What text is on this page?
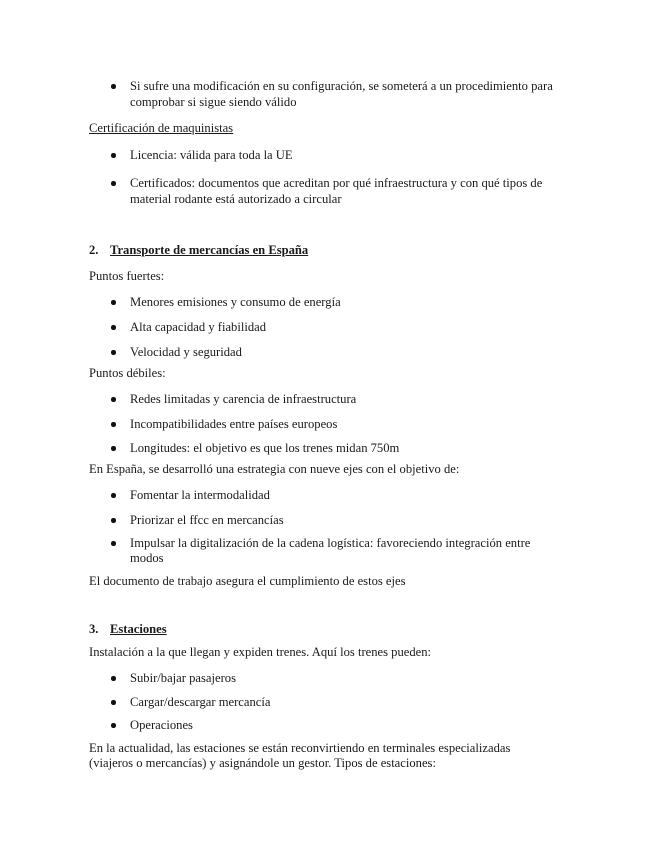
Si sufre una modificación en su configuración, se someterá a un procedimiento para
comprobar si sigue siendo válido
Certificación de maquinistas
Licencia: válida para toda la UE
Certificados: documentos que acreditan por qué infraestructura y con qué tipos de
material rodante está autorizado a circular
2. Transporte de mercancías en España
Puntos fuertes:
Menores emisiones y consumo de energía
Alta capacidad y fiabilidad
Velocidad y seguridad
Puntos débiles:
Redes limitadas y carencia de infraestructura
Incompatibilidades entre países europeos
Longitudes: el objetivo es que los trenes midan 750m
En España, se desarrolló una estrategia con nueve ejes con el objetivo de:
Fomentar la intermodalidad
Priorizar el ffcc en mercancías
Impulsar la digitalización de la cadena logística: favoreciendo integración entre
modos
El documento de trabajo asegura el cumplimiento de estos ejes
3. Estaciones
Instalación a la que llegan y expiden trenes. Aquí los trenes pueden:
Subir/bajar pasajeros
Cargar/descargar mercancía
Operaciones
En la actualidad, las estaciones se están reconvirtiendo en terminales especializadas
(viajeros o mercancías) y asignándole un gestor. Tipos de estaciones:
